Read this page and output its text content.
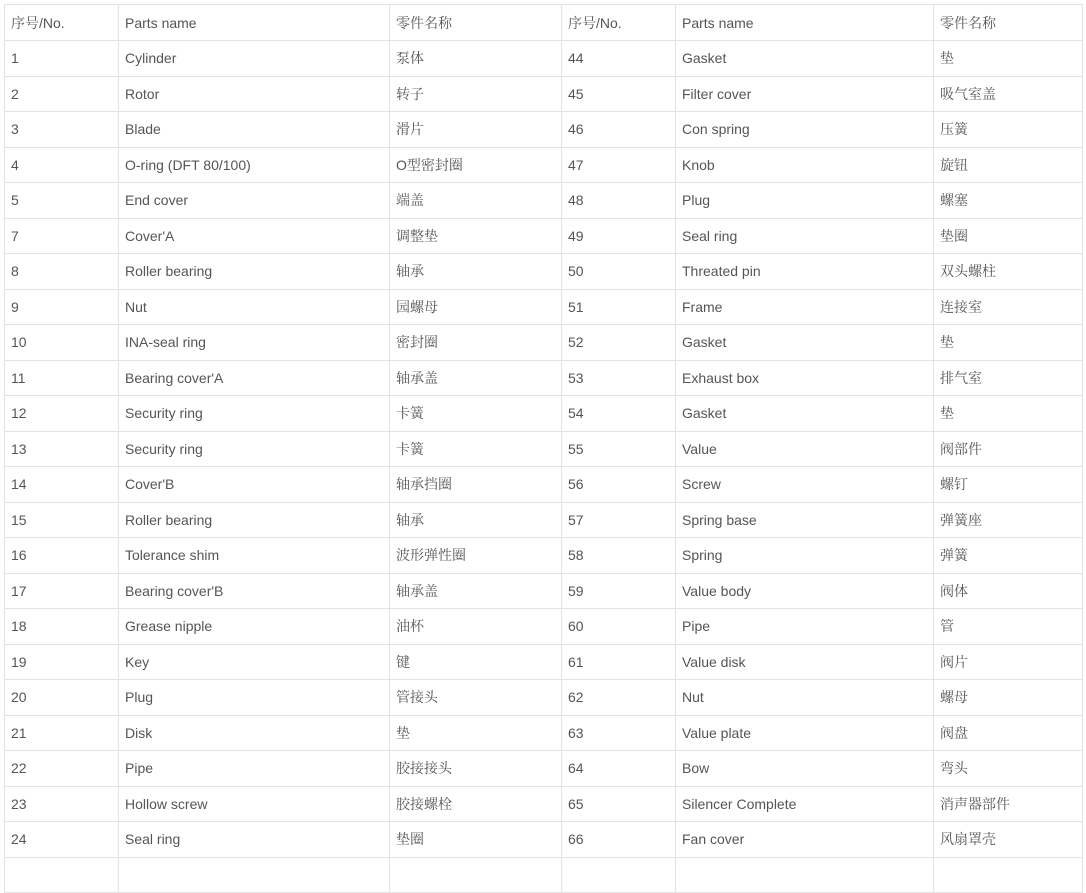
序号/No.	Parts name	零件名称	序号/No.	Parts name	零件名称
1	Cylinder	泵体	44	Gasket	垫
2	Rotor	转子	45	Filter cover	吸气室盖
3	Blade	滑片	46	Con spring	压簧
4	O-ring (DFT 80/100)	O型密封圈	47	Knob	旋钮
5	End cover	端盖	48	Plug	螺塞
7	Cover'A	调整垫	49	Seal ring	垫圈
8	Roller bearing	轴承	50	Threated pin	双头螺柱
9	Nut	园螺母	51	Frame	连接室
10	INA-seal ring	密封圈	52	Gasket	垫
11	Bearing cover'A	轴承盖	53	Exhaust box	排气室
12	Security ring	卡簧	54	Gasket	垫
13	Security ring	卡簧	55	Value	阀部件
14	Cover'B	轴承挡圈	56	Screw	螺钉
15	Roller bearing	轴承	57	Spring base	弹簧座
16	Tolerance shim	波形弹性圈	58	Spring	弹簧
17	Bearing cover'B	轴承盖	59	Value body	阀体
18	Grease nipple	油杯	60	Pipe	管
19	Key	键	61	Value disk	阀片
20	Plug	管接头	62	Nut	螺母
21	Disk	垫	63	Value plate	阀盘
22	Pipe	胶接接头	64	Bow	弯头
23	Hollow screw	胶接螺栓	65	Silencer Complete	消声器部件
24	Seal ring	垫圈	66	Fan cover	风扇罩壳
